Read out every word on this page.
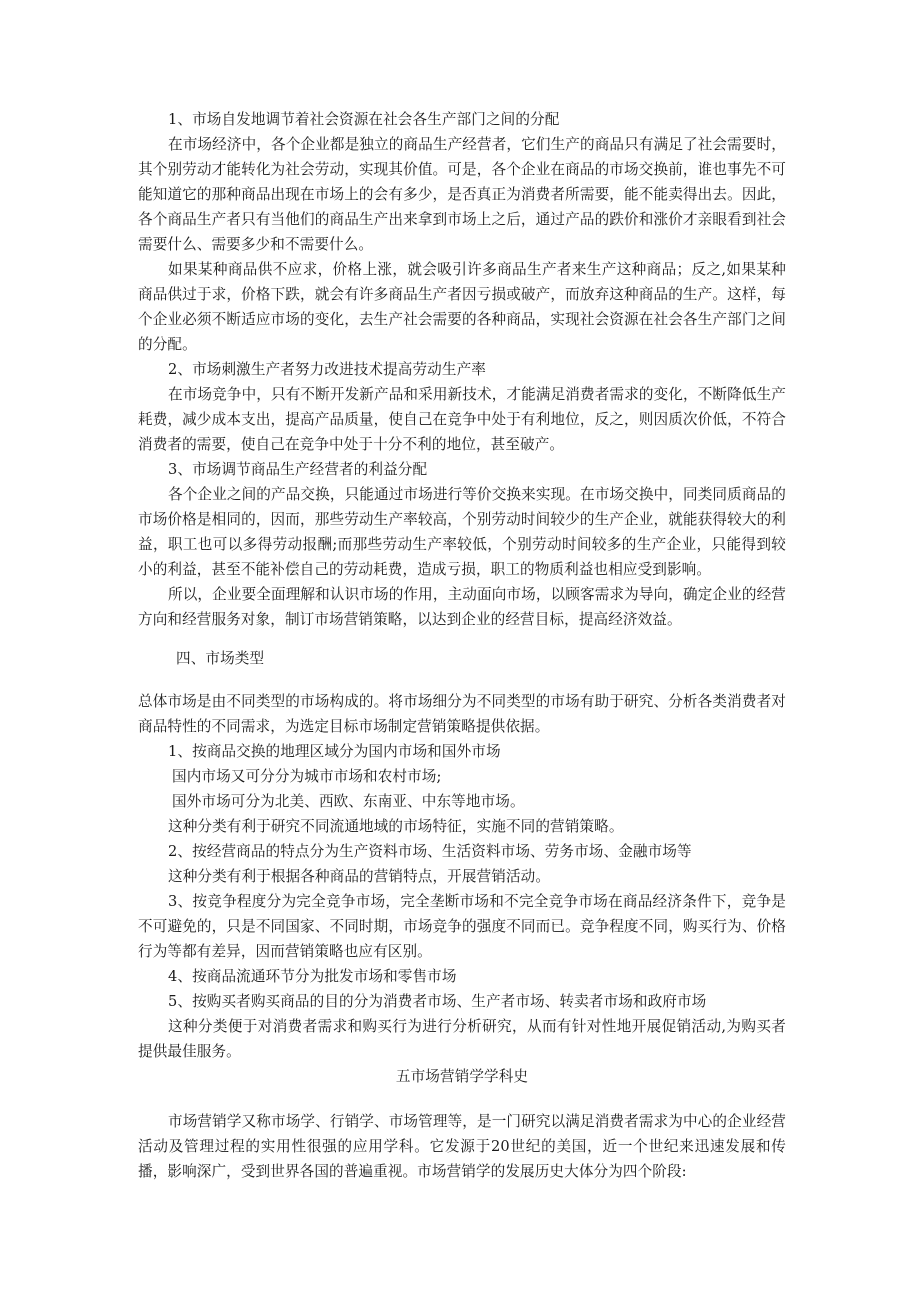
1、市场自发地调节着社会资源在社会各生产部门之间的分配

在市场经济中，各个企业都是独立的商品生产经营者，它们生产的商品只有满足了社会需要时，其个别劳动才能转化为社会劳动，实现其价值。可是，各个企业在商品的市场交换前，谁也事先不可能知道它的那种商品出现在市场上的会有多少，是否真正为消费者所需要，能不能卖得出去。因此，各个商品生产者只有当他们的商品生产出来拿到市场上之后，通过产品的跌价和涨价才亲眼看到社会需要什么、需要多少和不需要什么。

如果某种商品供不应求，价格上涨，就会吸引许多商品生产者来生产这种商品；反之,如果某种商品供过于求，价格下跌，就会有许多商品生产者因亏损或破产，而放弃这种商品的生产。这样，每个企业必须不断适应市场的变化，去生产社会需要的各种商品，实现社会资源在社会各生产部门之间的分配。

2、市场刺激生产者努力改进技术提高劳动生产率

在市场竞争中，只有不断开发新产品和采用新技术，才能满足消费者需求的变化，不断降低生产耗费，减少成本支出，提高产品质量，使自己在竞争中处于有利地位，反之，则因质次价低，不符合消费者的需要，使自己在竞争中处于十分不利的地位，甚至破产。

3、市场调节商品生产经营者的利益分配

各个企业之间的产品交换，只能通过市场进行等价交换来实现。在市场交换中，同类同质商品的市场价格是相同的，因而，那些劳动生产率较高，个别劳动时间较少的生产企业，就能获得较大的利益，职工也可以多得劳动报酬;而那些劳动生产率较低，个别劳动时间较多的生产企业，只能得到较小的利益，甚至不能补偿自己的劳动耗费，造成亏损，职工的物质利益也相应受到影响。

所以，企业要全面理解和认识市场的作用，主动面向市场，以顾客需求为导向，确定企业的经营方向和经营服务对象，制订市场营销策略，以达到企业的经营目标，提高经济效益。

四、市场类型

总体市场是由不同类型的市场构成的。将市场细分为不同类型的市场有助于研究、分析各类消费者对商品特性的不同需求，为选定目标市场制定营销策略提供依据。

1、按商品交换的地理区域分为国内市场和国外市场

国内市场又可分分为城市市场和农村市场;

国外市场可分为北美、西欧、东南亚、中东等地市场。

这种分类有利于研究不同流通地域的市场特征，实施不同的营销策略。

2、按经营商品的特点分为生产资料市场、生活资料市场、劳务市场、金融市场等

这种分类有利于根据各种商品的营销特点，开展营销活动。

3、按竞争程度分为完全竞争市场，完全垄断市场和不完全竞争市场在商品经济条件下，竞争是不可避免的，只是不同国家、不同时期，市场竞争的强度不同而已。竞争程度不同，购买行为、价格行为等都有差异，因而营销策略也应有区别。

4、按商品流通环节分为批发市场和零售市场

5、按购买者购买商品的目的分为消费者市场、生产者市场、转卖者市场和政府市场

这种分类便于对消费者需求和购买行为进行分析研究，从而有针对性地开展促销活动,为购买者提供最佳服务。

五市场营销学学科史

市场营销学又称市场学、行销学、市场管理等，是一门研究以满足消费者需求为中心的企业经营活动及管理过程的实用性很强的应用学科。它发源于20世纪的美国，近一个世纪来迅速发展和传播，影响深广，受到世界各国的普遍重视。市场营销学的发展历史大体分为四个阶段:
